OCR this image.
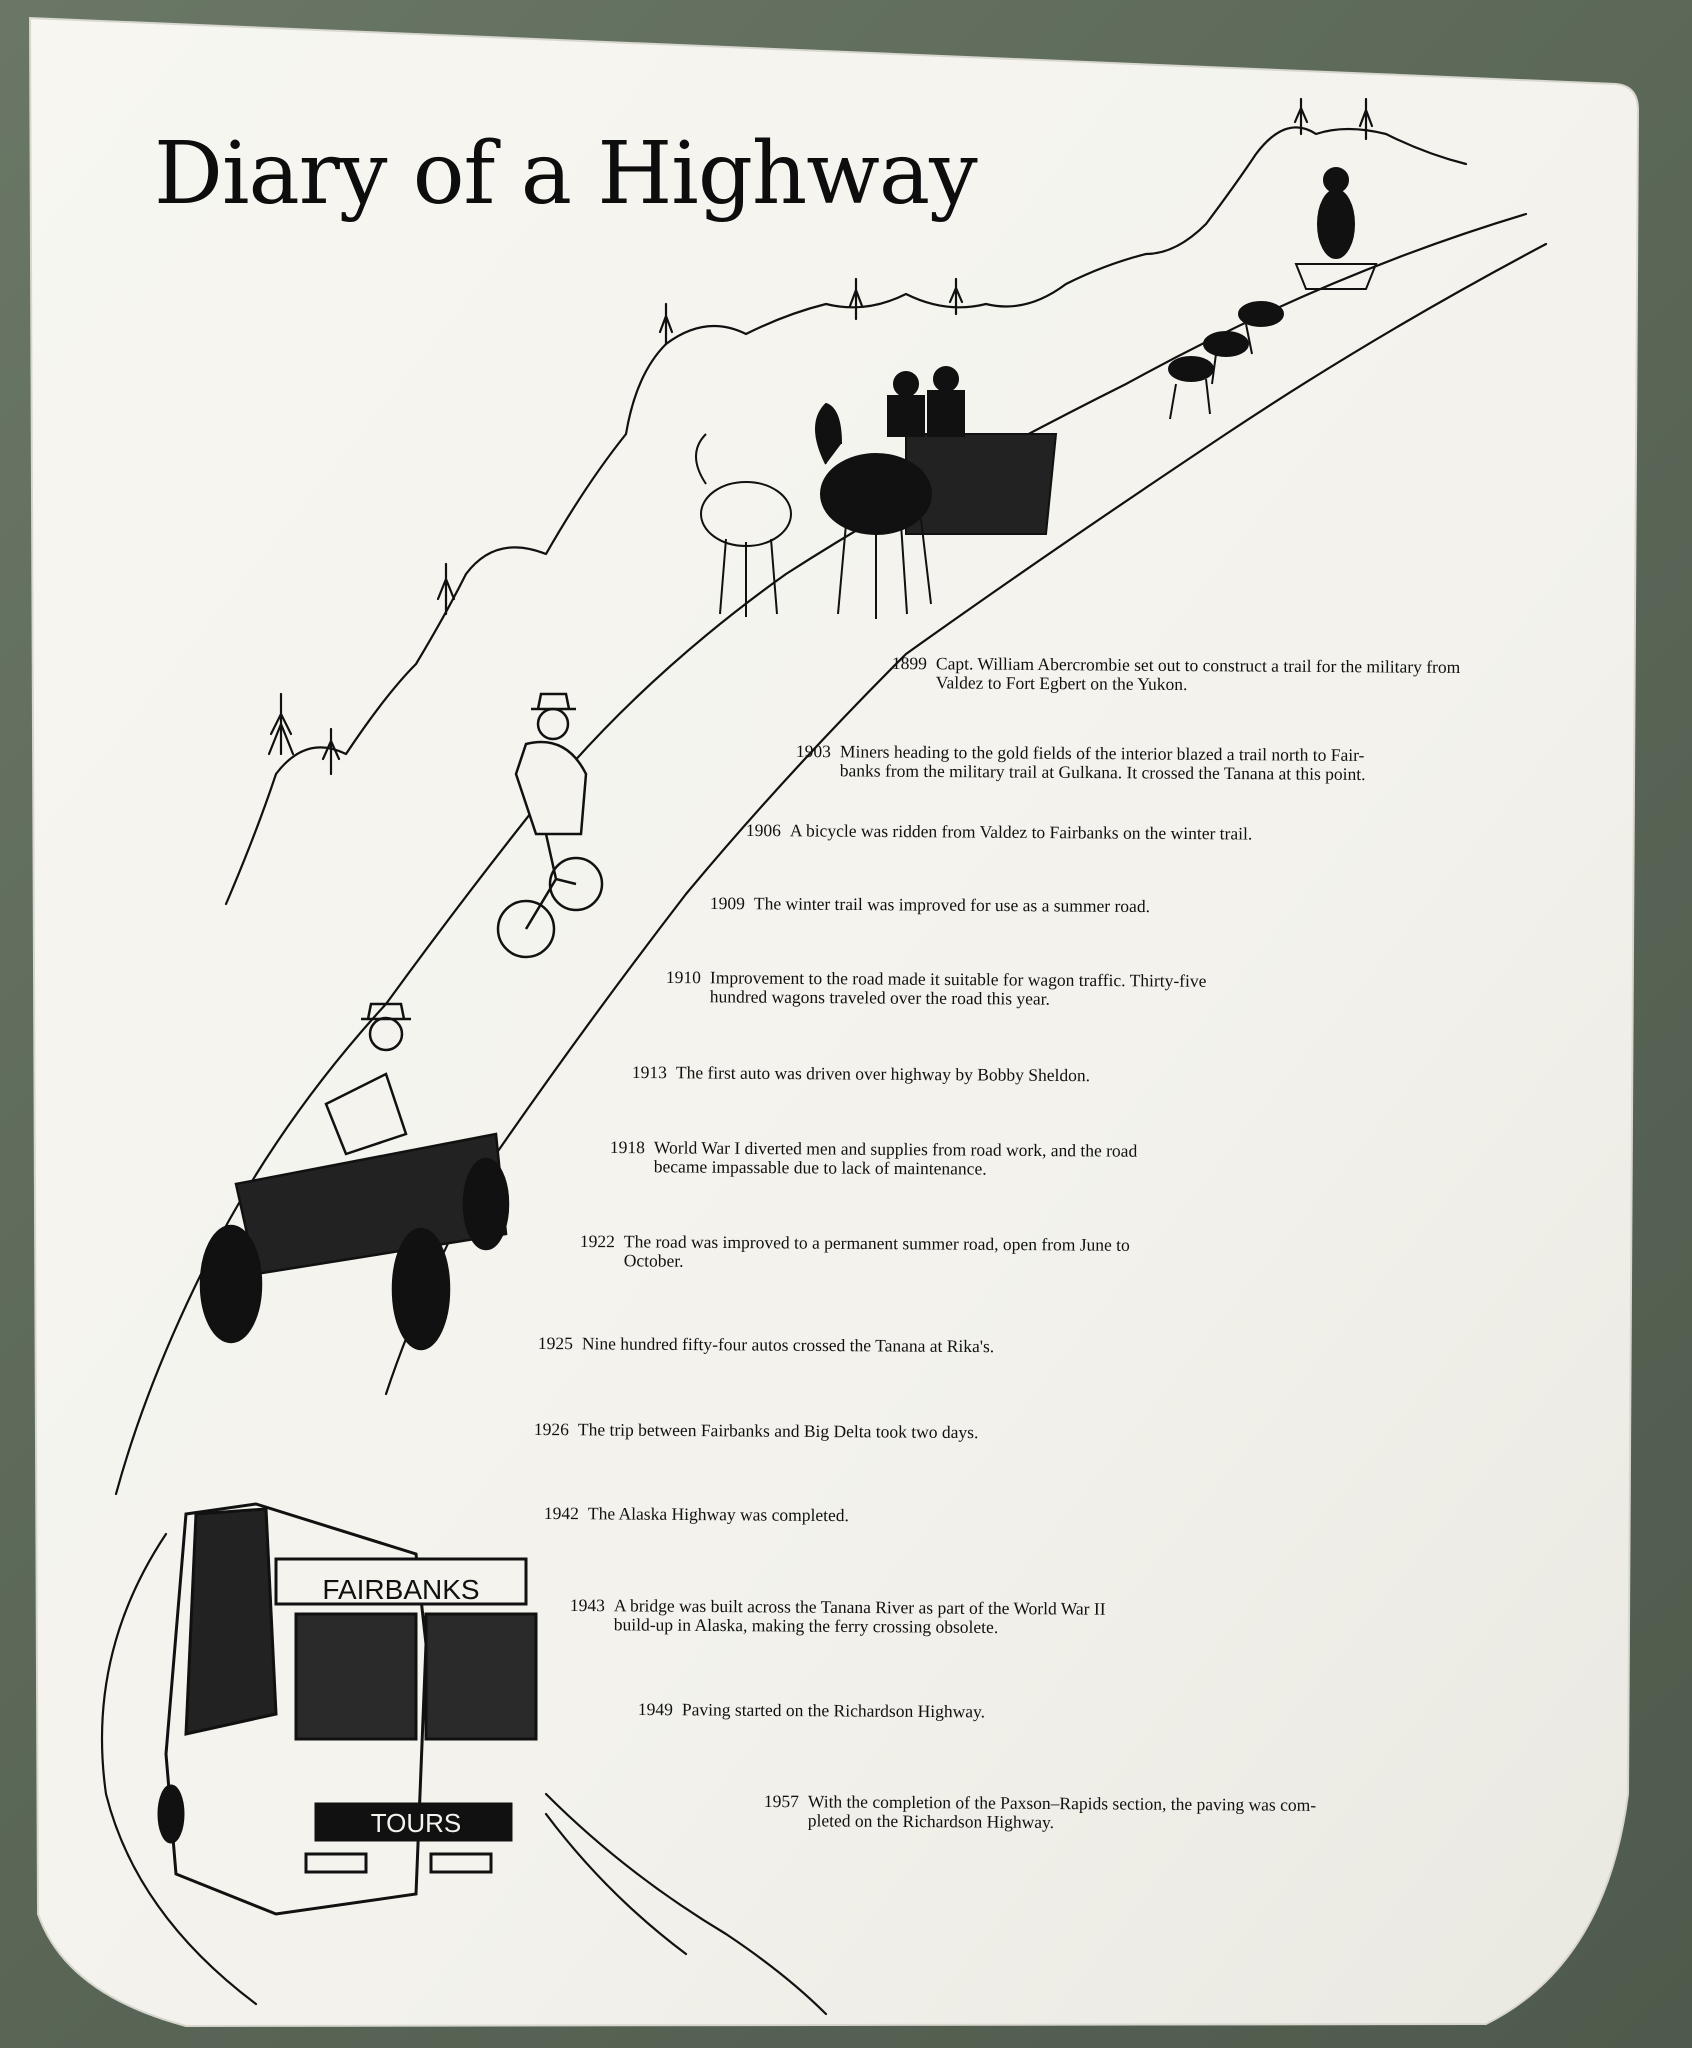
Diary of a Highway
FAIRBANKS
TOURS
1899 Capt. William Abercrombie set out to construct a trail for the military from
Valdez to Fort Egbert on the Yukon.
1903 Miners heading to the gold fields of the interior blazed a trail north to Fair-
banks from the military trail at Gulkana. It crossed the Tanana at this point.
1906 A bicycle was ridden from Valdez to Fairbanks on the winter trail.
1909 The winter trail was improved for use as a summer road.
1910 Improvement to the road made it suitable for wagon traffic. Thirty-five
hundred wagons traveled over the road this year.
1913 The first auto was driven over highway by Bobby Sheldon.
1918 World War I diverted men and supplies from road work, and the road
became impassable due to lack of maintenance.
1922 The road was improved to a permanent summer road, open from June to
October.
1925 Nine hundred fifty-four autos crossed the Tanana at Rika's.
1926 The trip between Fairbanks and Big Delta took two days.
1942 The Alaska Highway was completed.
1943 A bridge was built across the Tanana River as part of the World War II
build-up in Alaska, making the ferry crossing obsolete.
1949 Paving started on the Richardson Highway.
1957 With the completion of the Paxson–Rapids section, the paving was com-
pleted on the Richardson Highway.
